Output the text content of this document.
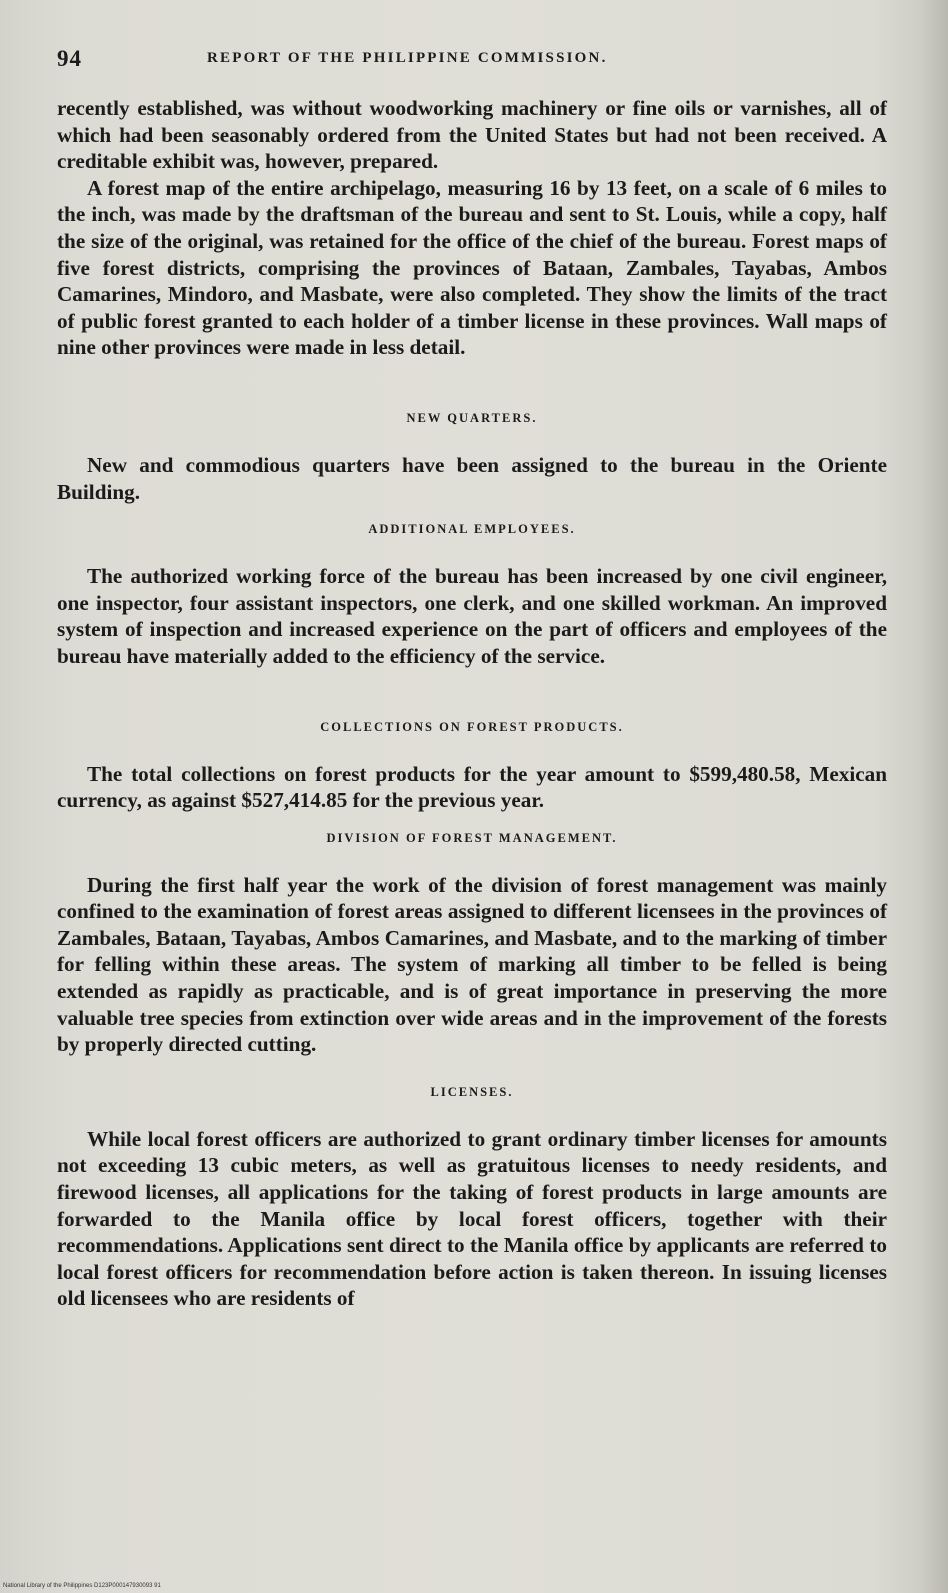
94	REPORT OF THE PHILIPPINE COMMISSION.

recently established, was without woodworking machinery or fine oils or varnishes, all of which had been seasonably ordered from the United States but had not been received. A creditable exhibit was, however, prepared.

A forest map of the entire archipelago, measuring 16 by 13 feet, on a scale of 6 miles to the inch, was made by the draftsman of the bureau and sent to St. Louis, while a copy, half the size of the original, was retained for the office of the chief of the bureau. Forest maps of five forest districts, comprising the provinces of Bataan, Zambales, Tayabas, Ambos Camarines, Mindoro, and Masbate, were also completed. They show the limits of the tract of public forest granted to each holder of a timber license in these provinces. Wall maps of nine other provinces were made in less detail.

NEW QUARTERS.

New and commodious quarters have been assigned to the bureau in the Oriente Building.

ADDITIONAL EMPLOYEES.

The authorized working force of the bureau has been increased by one civil engineer, one inspector, four assistant inspectors, one clerk, and one skilled workman. An improved system of inspection and increased experience on the part of officers and employees of the bureau have materially added to the efficiency of the service.

COLLECTIONS ON FOREST PRODUCTS.

The total collections on forest products for the year amount to $599,480.58, Mexican currency, as against $527,414.85 for the previous year.

DIVISION OF FOREST MANAGEMENT.

During the first half year the work of the division of forest management was mainly confined to the examination of forest areas assigned to different licensees in the provinces of Zambales, Bataan, Tayabas, Ambos Camarines, and Masbate, and to the marking of timber for felling within these areas. The system of marking all timber to be felled is being extended as rapidly as practicable, and is of great importance in preserving the more valuable tree species from extinction over wide areas and in the improvement of the forests by properly directed cutting.

LICENSES.

While local forest officers are authorized to grant ordinary timber licenses for amounts not exceeding 13 cubic meters, as well as gratuitous licenses to needy residents, and firewood licenses, all applications for the taking of forest products in large amounts are forwarded to the Manila office by local forest officers, together with their recommendations. Applications sent direct to the Manila office by applicants are referred to local forest officers for recommendation before action is taken thereon. In issuing licenses old licensees who are residents of

National Library of the Philippines D123P000147930093 91
